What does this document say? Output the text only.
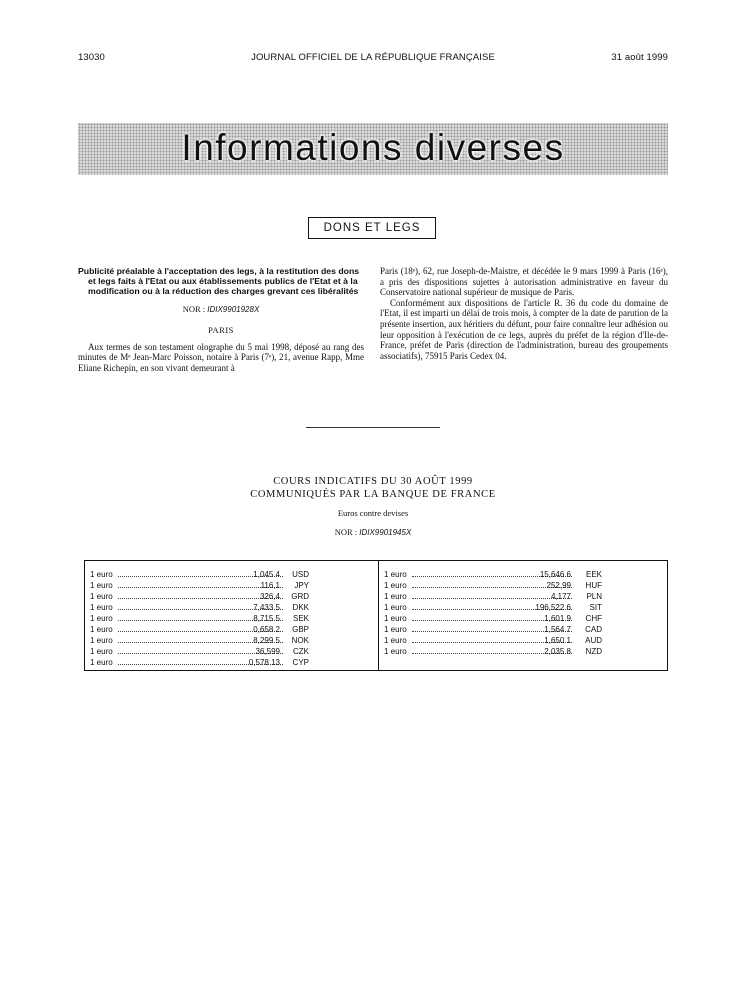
13030	JOURNAL OFFICIEL DE LA RÉPUBLIQUE FRANÇAISE	31 août 1999
Informations diverses
DONS ET LEGS

Publicité préalable à l'acceptation des legs, à la restitution des dons et legs faits à l'Etat ou aux établissements publics de l'Etat et à la modification ou à la réduction des charges grevant ces libéralités

NOR : IDIX9901928X
PARIS

Aux termes de son testament olographe du 5 mai 1998, déposé au rang des minutes de Mᵉ Jean-Marc Poisson, notaire à Paris (7ᵉ), 21, avenue Rapp, Mme Eliane Richepin, en son vivant demeurant à

Paris (18ᵉ), 62, rue Joseph-de-Maistre, et décédée le 9 mars 1999 à Paris (16ᵉ), a pris des dispositions sujettes à autorisation administrative en faveur du Conservatoire national supérieur de musique de Paris.

Conformément aux dispositions de l'article R. 36 du code du domaine de l'Etat, il est imparti un délai de trois mois, à compter de la date de parution de la présente insertion, aux héritiers du défunt, pour faire connaître leur adhésion ou leur opposition à l'exécution de ce legs, auprès du préfet de la région d'Ile-de-France, préfet de Paris (direction de l'administration, bureau des groupements associatifs), 75915 Paris Cedex 04.

COURS INDICATIFS DU 30 AOÛT 1999
COMMUNIQUÉS PAR LA BANQUE DE FRANCE
Euros contre devises
NOR : IDIX9901945X
1 euro	1,045 4	USD
1 euro	116,1	JPY
1 euro	326,4	GRD
1 euro	7,433 5	DKK
1 euro	8,715 5	SEK
1 euro	0,658 2	GBP
1 euro	8,299 5	NOK
1 euro	36,599	CZK
1 euro	0,578 13	CYP
1 euro	15,646 6	EEK
1 euro	252,99	HUF
1 euro	4,177	PLN
1 euro	196,522 6	SIT
1 euro	1,601 9	CHF
1 euro	1,564 7	CAD
1 euro	1,650 1	AUD
1 euro	2,035 8	NZD
